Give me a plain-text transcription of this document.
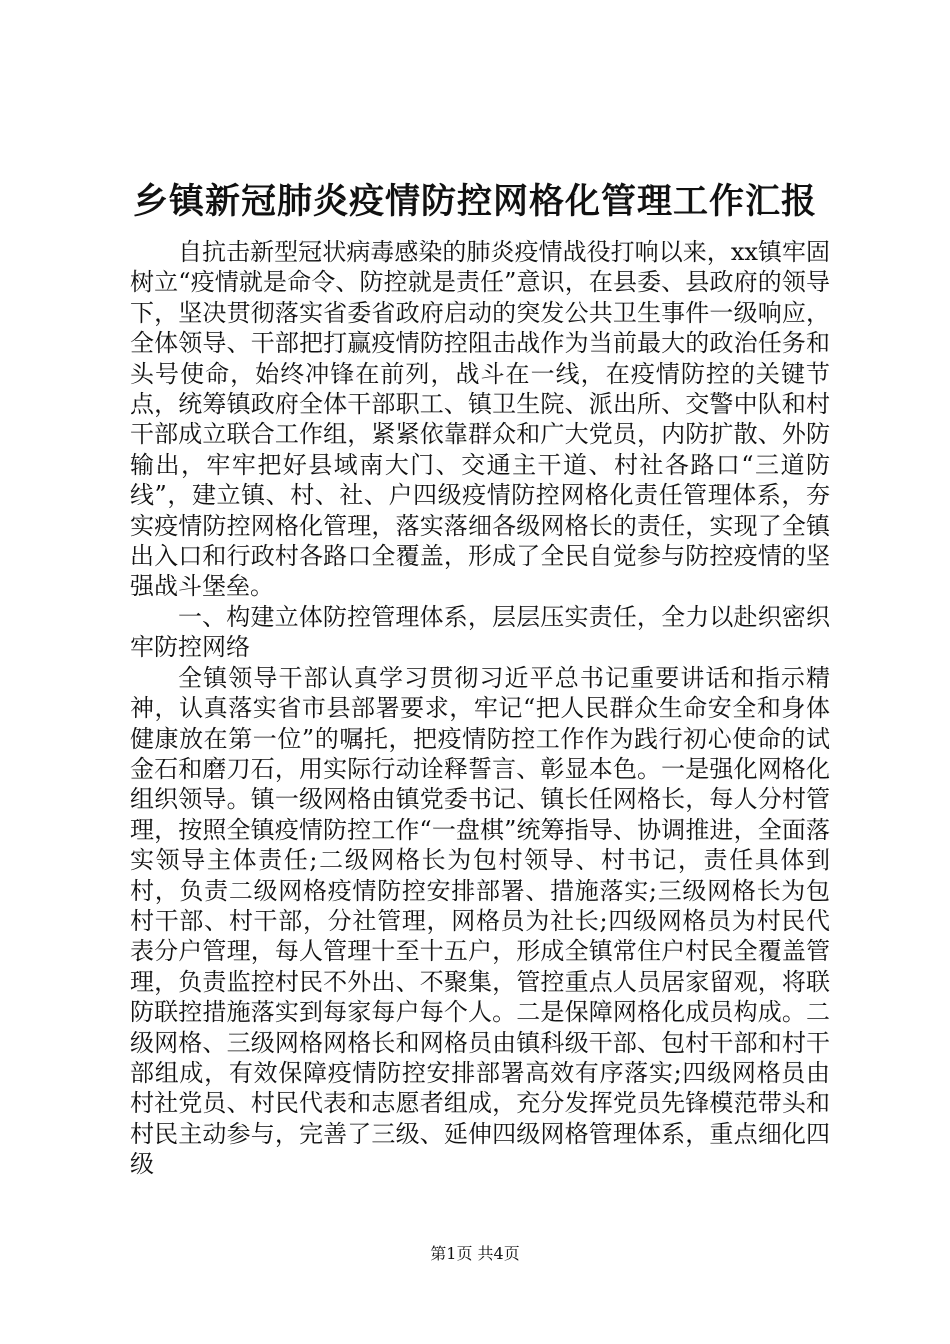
乡镇新冠肺炎疫情防控网格化管理工作汇报

自抗击新型冠状病毒感染的肺炎疫情战役打响以来，xx镇牢固树立“疫情就是命令、防控就是责任”意识，在县委、县政府的领导下，坚决贯彻落实省委省政府启动的突发公共卫生事件一级响应，全体领导、干部把打赢疫情防控阻击战作为当前最大的政治任务和头号使命，始终冲锋在前列，战斗在一线，在疫情防控的关键节点，统筹镇政府全体干部职工、镇卫生院、派出所、交警中队和村干部成立联合工作组，紧紧依靠群众和广大党员，内防扩散、外防输出，牢牢把好县域南大门、交通主干道、村社各路口“三道防线”，建立镇、村、社、户四级疫情防控网格化责任管理体系，夯实疫情防控网格化管理，落实落细各级网格长的责任，实现了全镇出入口和行政村各路口全覆盖，形成了全民自觉参与防控疫情的坚强战斗堡垒。

一、构建立体防控管理体系，层层压实责任，全力以赴织密织牢防控网络

全镇领导干部认真学习贯彻习近平总书记重要讲话和指示精神，认真落实省市县部署要求，牢记“把人民群众生命安全和身体健康放在第一位”的嘱托，把疫情防控工作作为践行初心使命的试金石和磨刀石，用实际行动诠释誓言、彰显本色。一是强化网格化组织领导。镇一级网格由镇党委书记、镇长任网格长，每人分村管理，按照全镇疫情防控工作“一盘棋”统筹指导、协调推进，全面落实领导主体责任;二级网格长为包村领导、村书记，责任具体到村，负责二级网格疫情防控安排部署、措施落实;三级网格长为包村干部、村干部，分社管理，网格员为社长;四级网格员为村民代表分户管理，每人管理十至十五户，形成全镇常住户村民全覆盖管理，负责监控村民不外出、不聚集，管控重点人员居家留观，将联防联控措施落实到每家每户每个人。二是保障网格化成员构成。二级网格、三级网格网格长和网格员由镇科级干部、包村干部和村干部组成，有效保障疫情防控安排部署高效有序落实;四级网格员由村社党员、村民代表和志愿者组成，充分发挥党员先锋模范带头和村民主动参与，完善了三级、延伸四级网格管理体系，重点细化四级

第1页 共4页
